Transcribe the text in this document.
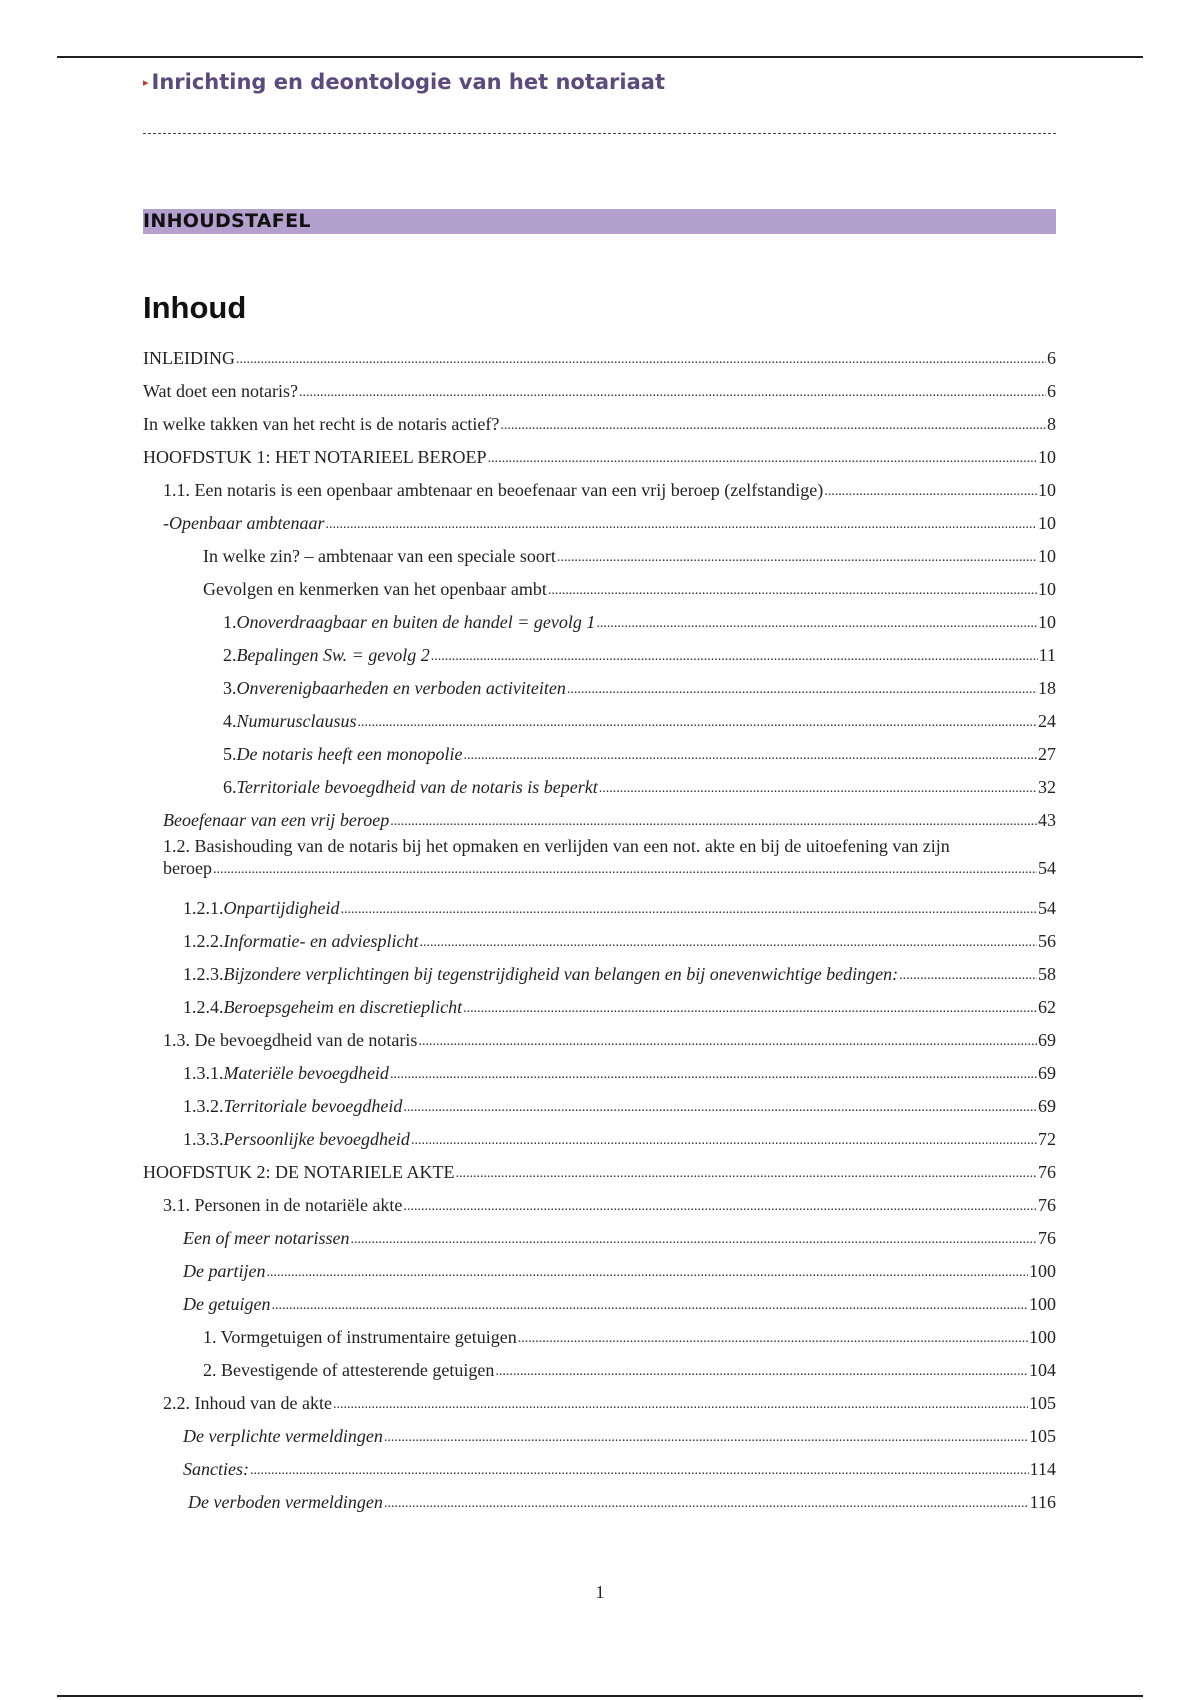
▸ Inrichting en deontologie van het notariaat
INHOUDSTAFEL
Inhoud
INLEIDING .....	6
Wat doet een notaris? .....	6
In welke takken van het recht is de notaris actief? .....	8
HOOFDSTUK 1: HET NOTARIEEL BEROEP .....	10
1.1. Een notaris is een openbaar ambtenaar en beoefenaar van een vrij beroep (zelfstandige) .....	10
-Openbaar ambtenaar .....	10
In welke zin? – ambtenaar van een speciale soort .....	10
Gevolgen en kenmerken van het openbaar ambt .....	10
1. Onoverdraagbaar en buiten de handel = gevolg 1 .....	10
2. Bepalingen Sw. = gevolg 2 .....	11
3. Onverenigbaarheden en verboden activiteiten .....	18
4. Numurusclausus .....	24
5. De notaris heeft een monopolie .....	27
6. Territoriale bevoegdheid van de notaris is beperkt .....	32
Beoefenaar van een vrij beroep .....	43
1.2. Basishouding van de notaris bij het opmaken en verlijden van een not. akte en bij de uitoefening van zijn
beroep .....	54
1.2.1. Onpartijdigheid .....	54
1.2.2. Informatie- en adviesplicht .....	56
1.2.3. Bijzondere verplichtingen bij tegenstrijdigheid van belangen en bij onevenwichtige bedingen: .....	58
1.2.4. Beroepsgeheim en discretieplicht .....	62
1.3. De bevoegdheid van de notaris .....	69
1.3.1. Materiële bevoegdheid .....	69
1.3.2. Territoriale bevoegdheid .....	69
1.3.3. Persoonlijke bevoegdheid .....	72
HOOFDSTUK 2: DE NOTARIELE AKTE .....	76
3.1. Personen in de notariële akte .....	76
Een of meer notarissen .....	76
De partijen .....	100
De getuigen .....	100
1. Vormgetuigen of instrumentaire getuigen .....	100
2. Bevestigende of attesterende getuigen .....	104
2.2. Inhoud van de akte .....	105
De verplichte vermeldingen .....	105
Sancties: .....	114
De verboden vermeldingen .....	116
1
